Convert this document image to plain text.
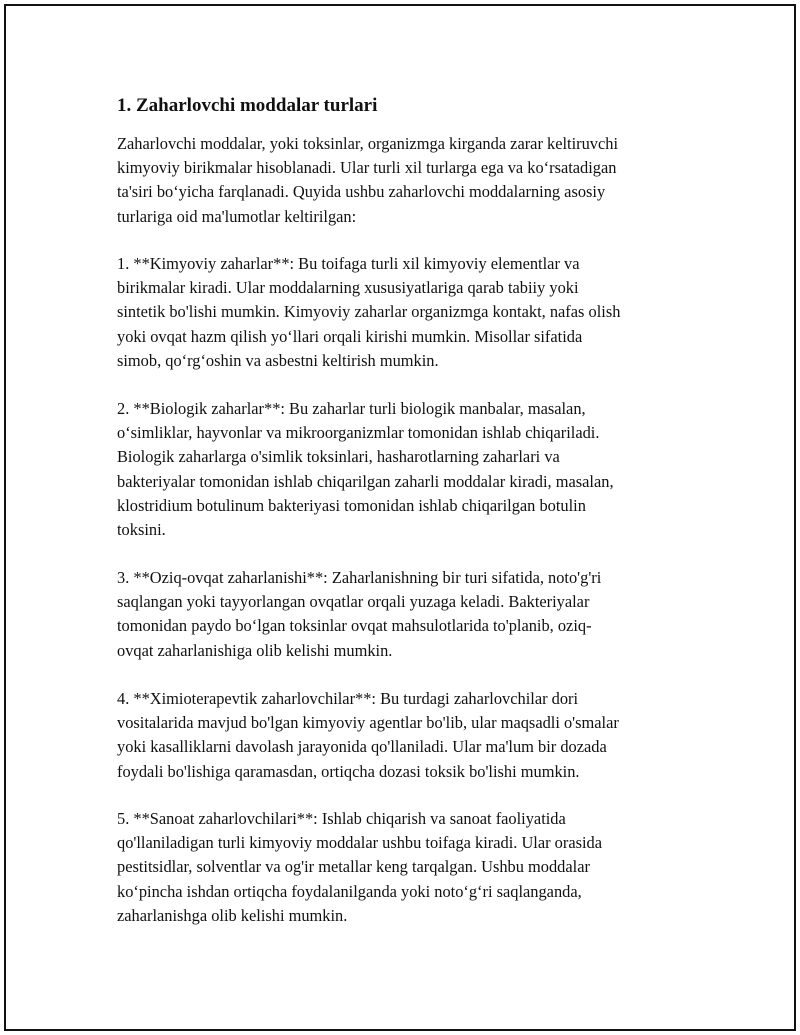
1. Zaharlovchi moddalar turlari

Zaharlovchi moddalar, yoki toksinlar, organizmga kirganda zarar keltiruvchi
kimyoviy birikmalar hisoblanadi. Ular turli xil turlarga ega va ko‘rsatadigan
ta'siri bo‘yicha farqlanadi. Quyida ushbu zaharlovchi moddalarning asosiy
turlariga oid ma'lumotlar keltirilgan:

1. **Kimyoviy zaharlar**: Bu toifaga turli xil kimyoviy elementlar va
birikmalar kiradi. Ular moddalarning xususiyatlariga qarab tabiiy yoki
sintetik bo'lishi mumkin. Kimyoviy zaharlar organizmga kontakt, nafas olish
yoki ovqat hazm qilish yo‘llari orqali kirishi mumkin. Misollar sifatida
simob, qo‘rg‘oshin va asbestni keltirish mumkin.

2. **Biologik zaharlar**: Bu zaharlar turli biologik manbalar, masalan,
o‘simliklar, hayvonlar va mikroorganizmlar tomonidan ishlab chiqariladi.
Biologik zaharlarga o'simlik toksinlari, hasharotlarning zaharlari va
bakteriyalar tomonidan ishlab chiqarilgan zaharli moddalar kiradi, masalan,
klostridium botulinum bakteriyasi tomonidan ishlab chiqarilgan botulin
toksini.

3. **Oziq-ovqat zaharlanishi**: Zaharlanishning bir turi sifatida, noto'g'ri
saqlangan yoki tayyorlangan ovqatlar orqali yuzaga keladi. Bakteriyalar
tomonidan paydo bo‘lgan toksinlar ovqat mahsulotlarida to'planib, oziq-
ovqat zaharlanishiga olib kelishi mumkin.

4. **Ximioterapevtik zaharlovchilar**: Bu turdagi zaharlovchilar dori
vositalarida mavjud bo'lgan kimyoviy agentlar bo'lib, ular maqsadli o'smalar
yoki kasalliklarni davolash jarayonida qo'llaniladi. Ular ma'lum bir dozada
foydali bo'lishiga qaramasdan, ortiqcha dozasi toksik bo'lishi mumkin.

5. **Sanoat zaharlovchilari**: Ishlab chiqarish va sanoat faoliyatida
qo'llaniladigan turli kimyoviy moddalar ushbu toifaga kiradi. Ular orasida
pestitsidlar, solventlar va og'ir metallar keng tarqalgan. Ushbu moddalar
ko‘pincha ishdan ortiqcha foydalanilganda yoki noto‘g‘ri saqlanganda,
zaharlanishga olib kelishi mumkin.
